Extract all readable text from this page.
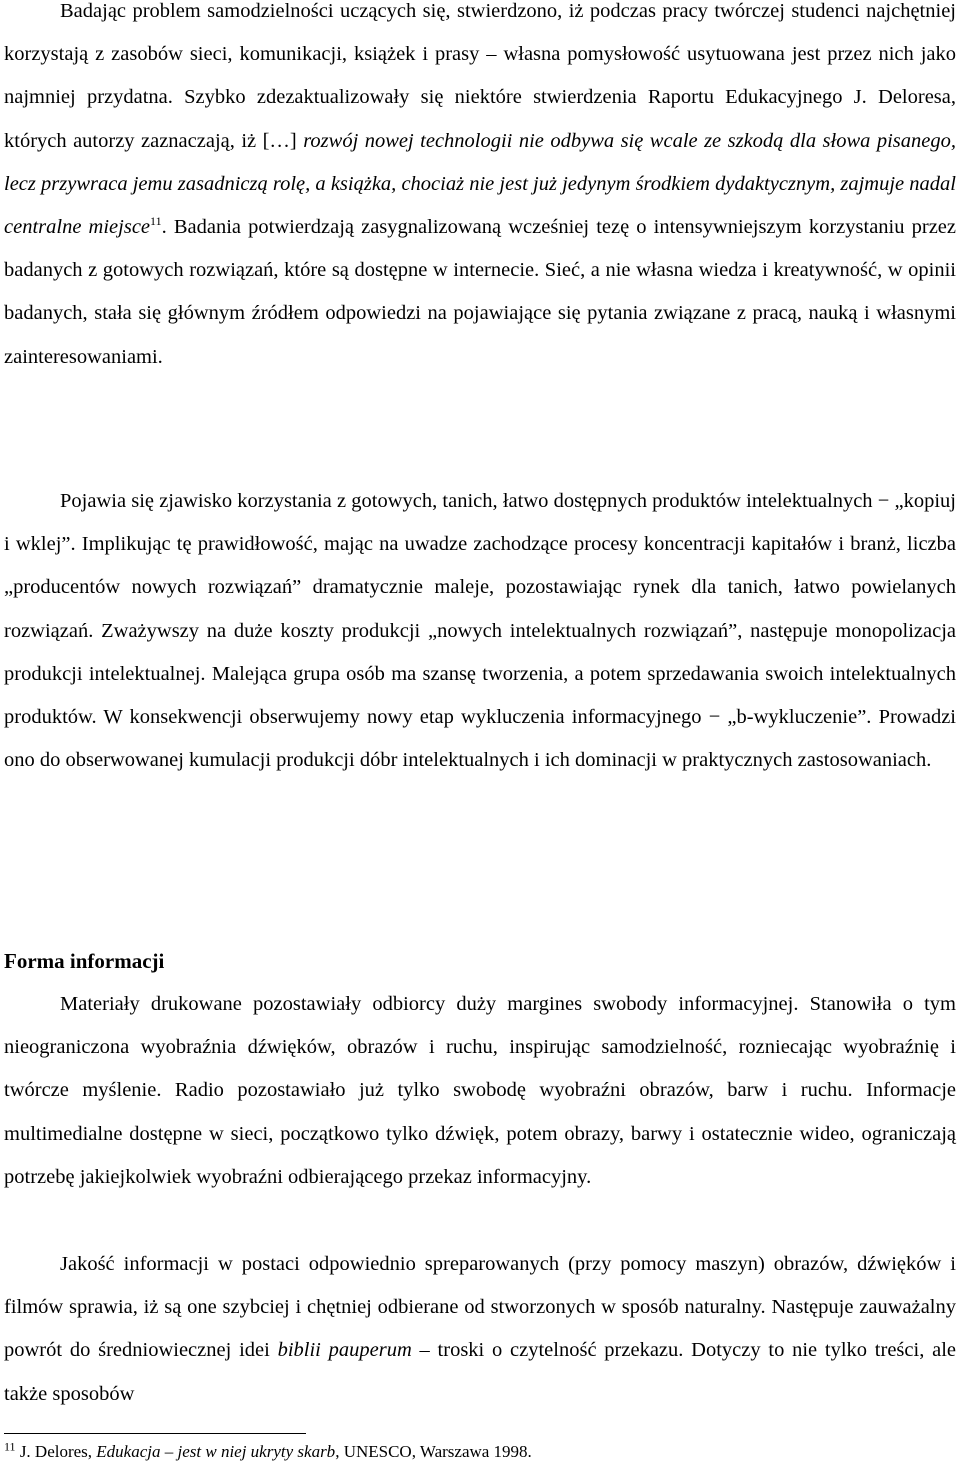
Badając problem samodzielności uczących się, stwierdzono, iż podczas pracy twórczej studenci najchętniej korzystają z zasobów sieci, komunikacji, książek i prasy – własna pomysłowość usytuowana jest przez nich jako najmniej przydatna. Szybko zdezaktualizowały się niektóre stwierdzenia Raportu Edukacyjnego J. Deloresa, których autorzy zaznaczają, iż […] rozwój nowej technologii nie odbywa się wcale ze szkodą dla słowa pisanego, lecz przywraca jemu zasadniczą rolę, a książka, chociaż nie jest już jedynym środkiem dydaktycznym, zajmuje nadal centralne miejsce$^{11}$. Badania potwierdzają zasygnalizowaną wcześniej tezę o intensywniejszym korzystaniu przez badanych z gotowych rozwiązań, które są dostępne w internecie. Sieć, a nie własna wiedza i kreatywność, w opinii badanych, stała się głównym źródłem odpowiedzi na pojawiające się pytania związane z pracą, nauką i własnymi zainteresowaniami.

Pojawia się zjawisko korzystania z gotowych, tanich, łatwo dostępnych produktów intelektualnych − „kopiuj i wklej”. Implikując tę prawidłowość, mając na uwadze zachodzące procesy koncentracji kapitałów i branż, liczba „producentów nowych rozwiązań” dramatycznie maleje, pozostawiając rynek dla tanich, łatwo powielanych rozwiązań. Zważywszy na duże koszty produkcji „nowych intelektualnych rozwiązań”, następuje monopolizacja produkcji intelektualnej. Malejąca grupa osób ma szansę tworzenia, a potem sprzedawania swoich intelektualnych produktów. W konsekwencji obserwujemy nowy etap wykluczenia informacyjnego − „b-wykluczenie”. Prowadzi ono do obserwowanej kumulacji produkcji dóbr intelektualnych i ich dominacji w praktycznych zastosowaniach.

Forma informacji

Materiały drukowane pozostawiały odbiorcy duży margines swobody informacyjnej. Stanowiła o tym nieograniczona wyobraźnia dźwięków, obrazów i ruchu, inspirując samodzielność, rozniecając wyobraźnię i twórcze myślenie. Radio pozostawiało już tylko swobodę wyobraźni obrazów, barw i ruchu. Informacje multimedialne dostępne w sieci, początkowo tylko dźwięk, potem obrazy, barwy i ostatecznie wideo, ograniczają potrzebę jakiejkolwiek wyobraźni odbierającego przekaz informacyjny.

Jakość informacji w postaci odpowiednio spreparowanych (przy pomocy maszyn) obrazów, dźwięków i filmów sprawia, iż są one szybciej i chętniej odbierane od stworzonych w sposób naturalny. Następuje zauważalny powrót do średniowiecznej idei biblii pauperum – troski o czytelność przekazu. Dotyczy to nie tylko treści, ale także sposobów

$^{11}$ J. Delores, Edukacja – jest w niej ukryty skarb, UNESCO, Warszawa 1998.
